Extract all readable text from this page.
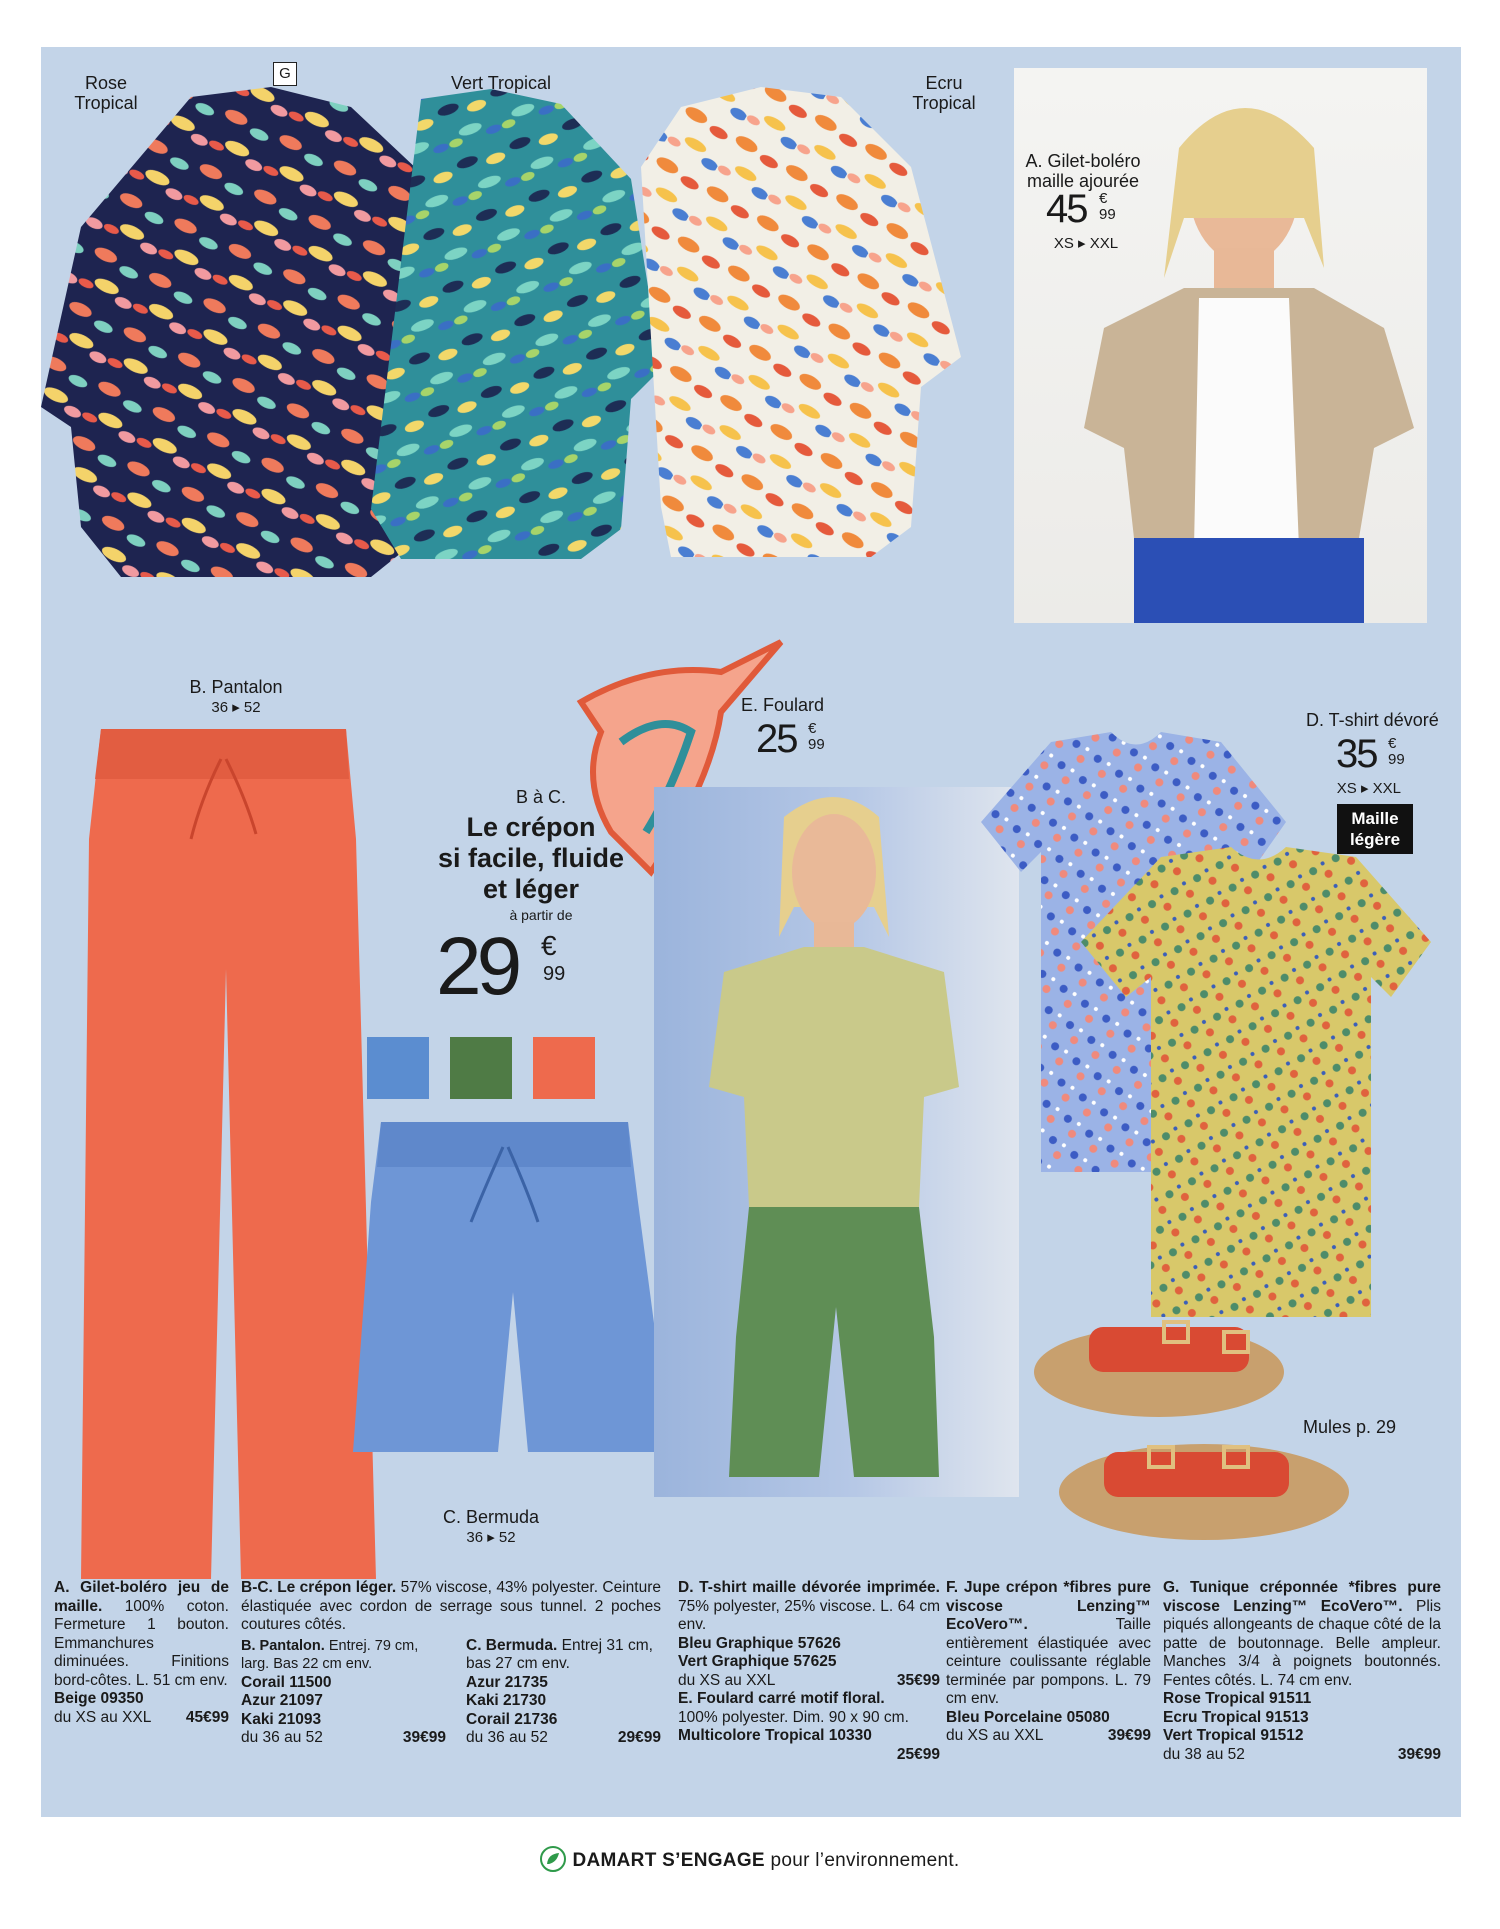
Rose
Tropical
G	Vert Tropical	Ecru
Tropical
A. Gilet-boléro
maille ajourée
45 €
99
XS ▸ XXL
B. Pantalon
36 ▸ 52
B à C.
Le crépon
si facile, fluide
et léger
à partir de
29 €
99
C. Bermuda
36 ▸ 52
E. Foulard
25 €
99
D. T-shirt dévoré
35 €
99
XS ▸ XXL
Maille
légère
Mules p. 29
A. Gilet-boléro jeu de maille. 100% coton. Fermeture 1 bouton. Emmanchures diminuées. Finitions bord-côtes. L. 51 cm env.
Beige 09350
du XS au XXL 45€99
B-C. Le crépon léger. 57% viscose, 43% polyester. Ceinture élastiquée avec cordon de serrage sous tunnel. 2 poches coutures côtés.
B. Pantalon. Entrej. 79 cm, larg. Bas 22 cm env.
Corail 11500
Azur 21097
Kaki 21093
du 36 au 52	39€99
C. Bermuda. Entrej 31 cm, bas 27 cm env.
Azur 21735
Kaki 21730
Corail 21736
du 36 au 52	29€99
D. T-shirt maille dévorée imprimée. 75% polyester, 25% viscose. L. 64 cm env.
Bleu Graphique 57626
Vert Graphique 57625
du XS au XXL	35€99
E. Foulard carré motif floral.
100% polyester. Dim. 90 x 90 cm.
Multicolore Tropical 10330
25€99
F. Jupe crépon *fibres pure viscose Lenzing™ EcoVero™.	Taille entièrement élastiquée avec ceinture coulissante réglable terminée par pompons. L. 79 cm env.
Bleu Porcelaine 05080
du XS au XXL	39€99
G. Tunique créponnée *fibres pure viscose Lenzing™ EcoVero™. Plis piqués allongeants de chaque côté de la patte de boutonnage. Belle ampleur. Manches 3/4 à poignets boutonnés. Fentes côtés. L. 74 cm env.
Rose Tropical 91511
Ecru Tropical 91513
Vert Tropical 91512
du 38 au 52	39€99
DAMART S’ENGAGE pour l’environnement.
